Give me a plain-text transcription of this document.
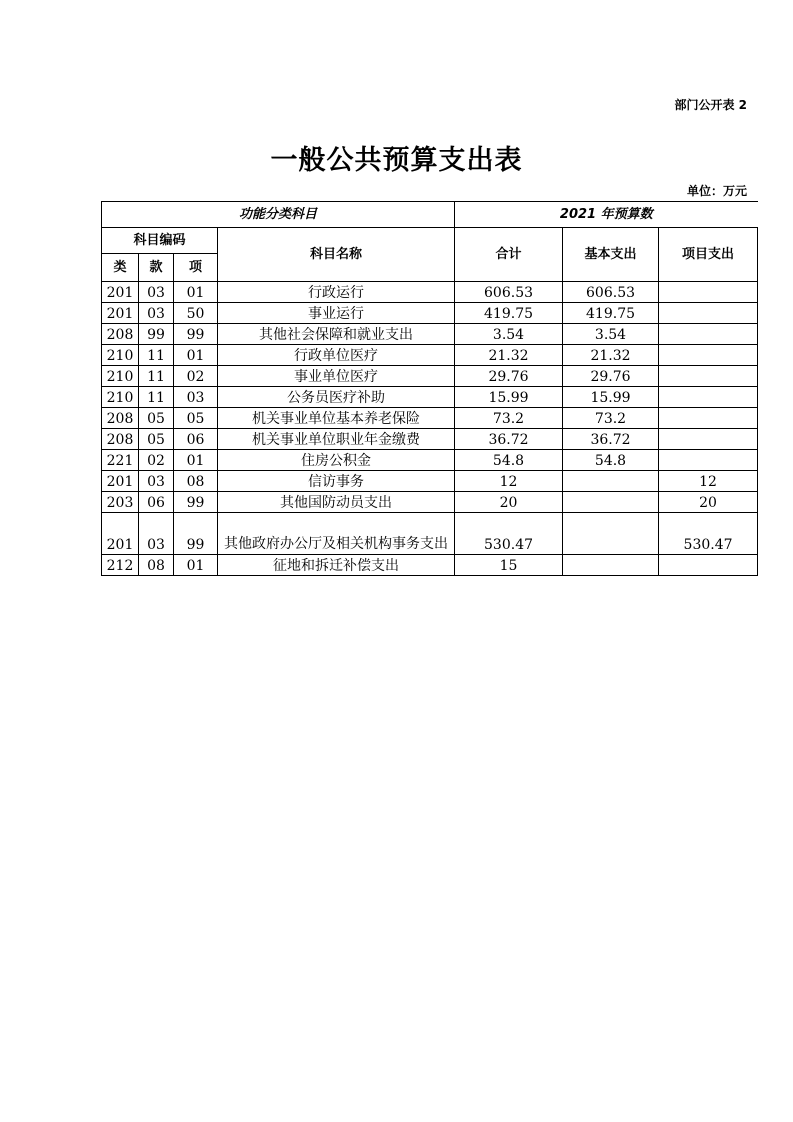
部门公开表 2
一般公共预算支出表
单位：万元
功能分类科目				2021 年预算数		
科目编码			科目名称	合计	基本支出	项目支出
类	款	项				
201	03	01	行政运行	606.53	606.53	
201	03	50	事业运行	419.75	419.75	
208	99	99	其他社会保障和就业支出	3.54	3.54	
210	11	01	行政单位医疗	21.32	21.32	
210	11	02	事业单位医疗	29.76	29.76	
210	11	03	公务员医疗补助	15.99	15.99	
208	05	05	机关事业单位基本养老保险	73.2	73.2	
208	05	06	机关事业单位职业年金缴费	36.72	36.72	
221	02	01	住房公积金	54.8	54.8	
201	03	08	信访事务	12		12
203	06	99	其他国防动员支出	20		20
201	03	99	其他政府办公厅及相关机构事务支出	530.47		530.47
212	08	01	征地和拆迁补偿支出	15		
